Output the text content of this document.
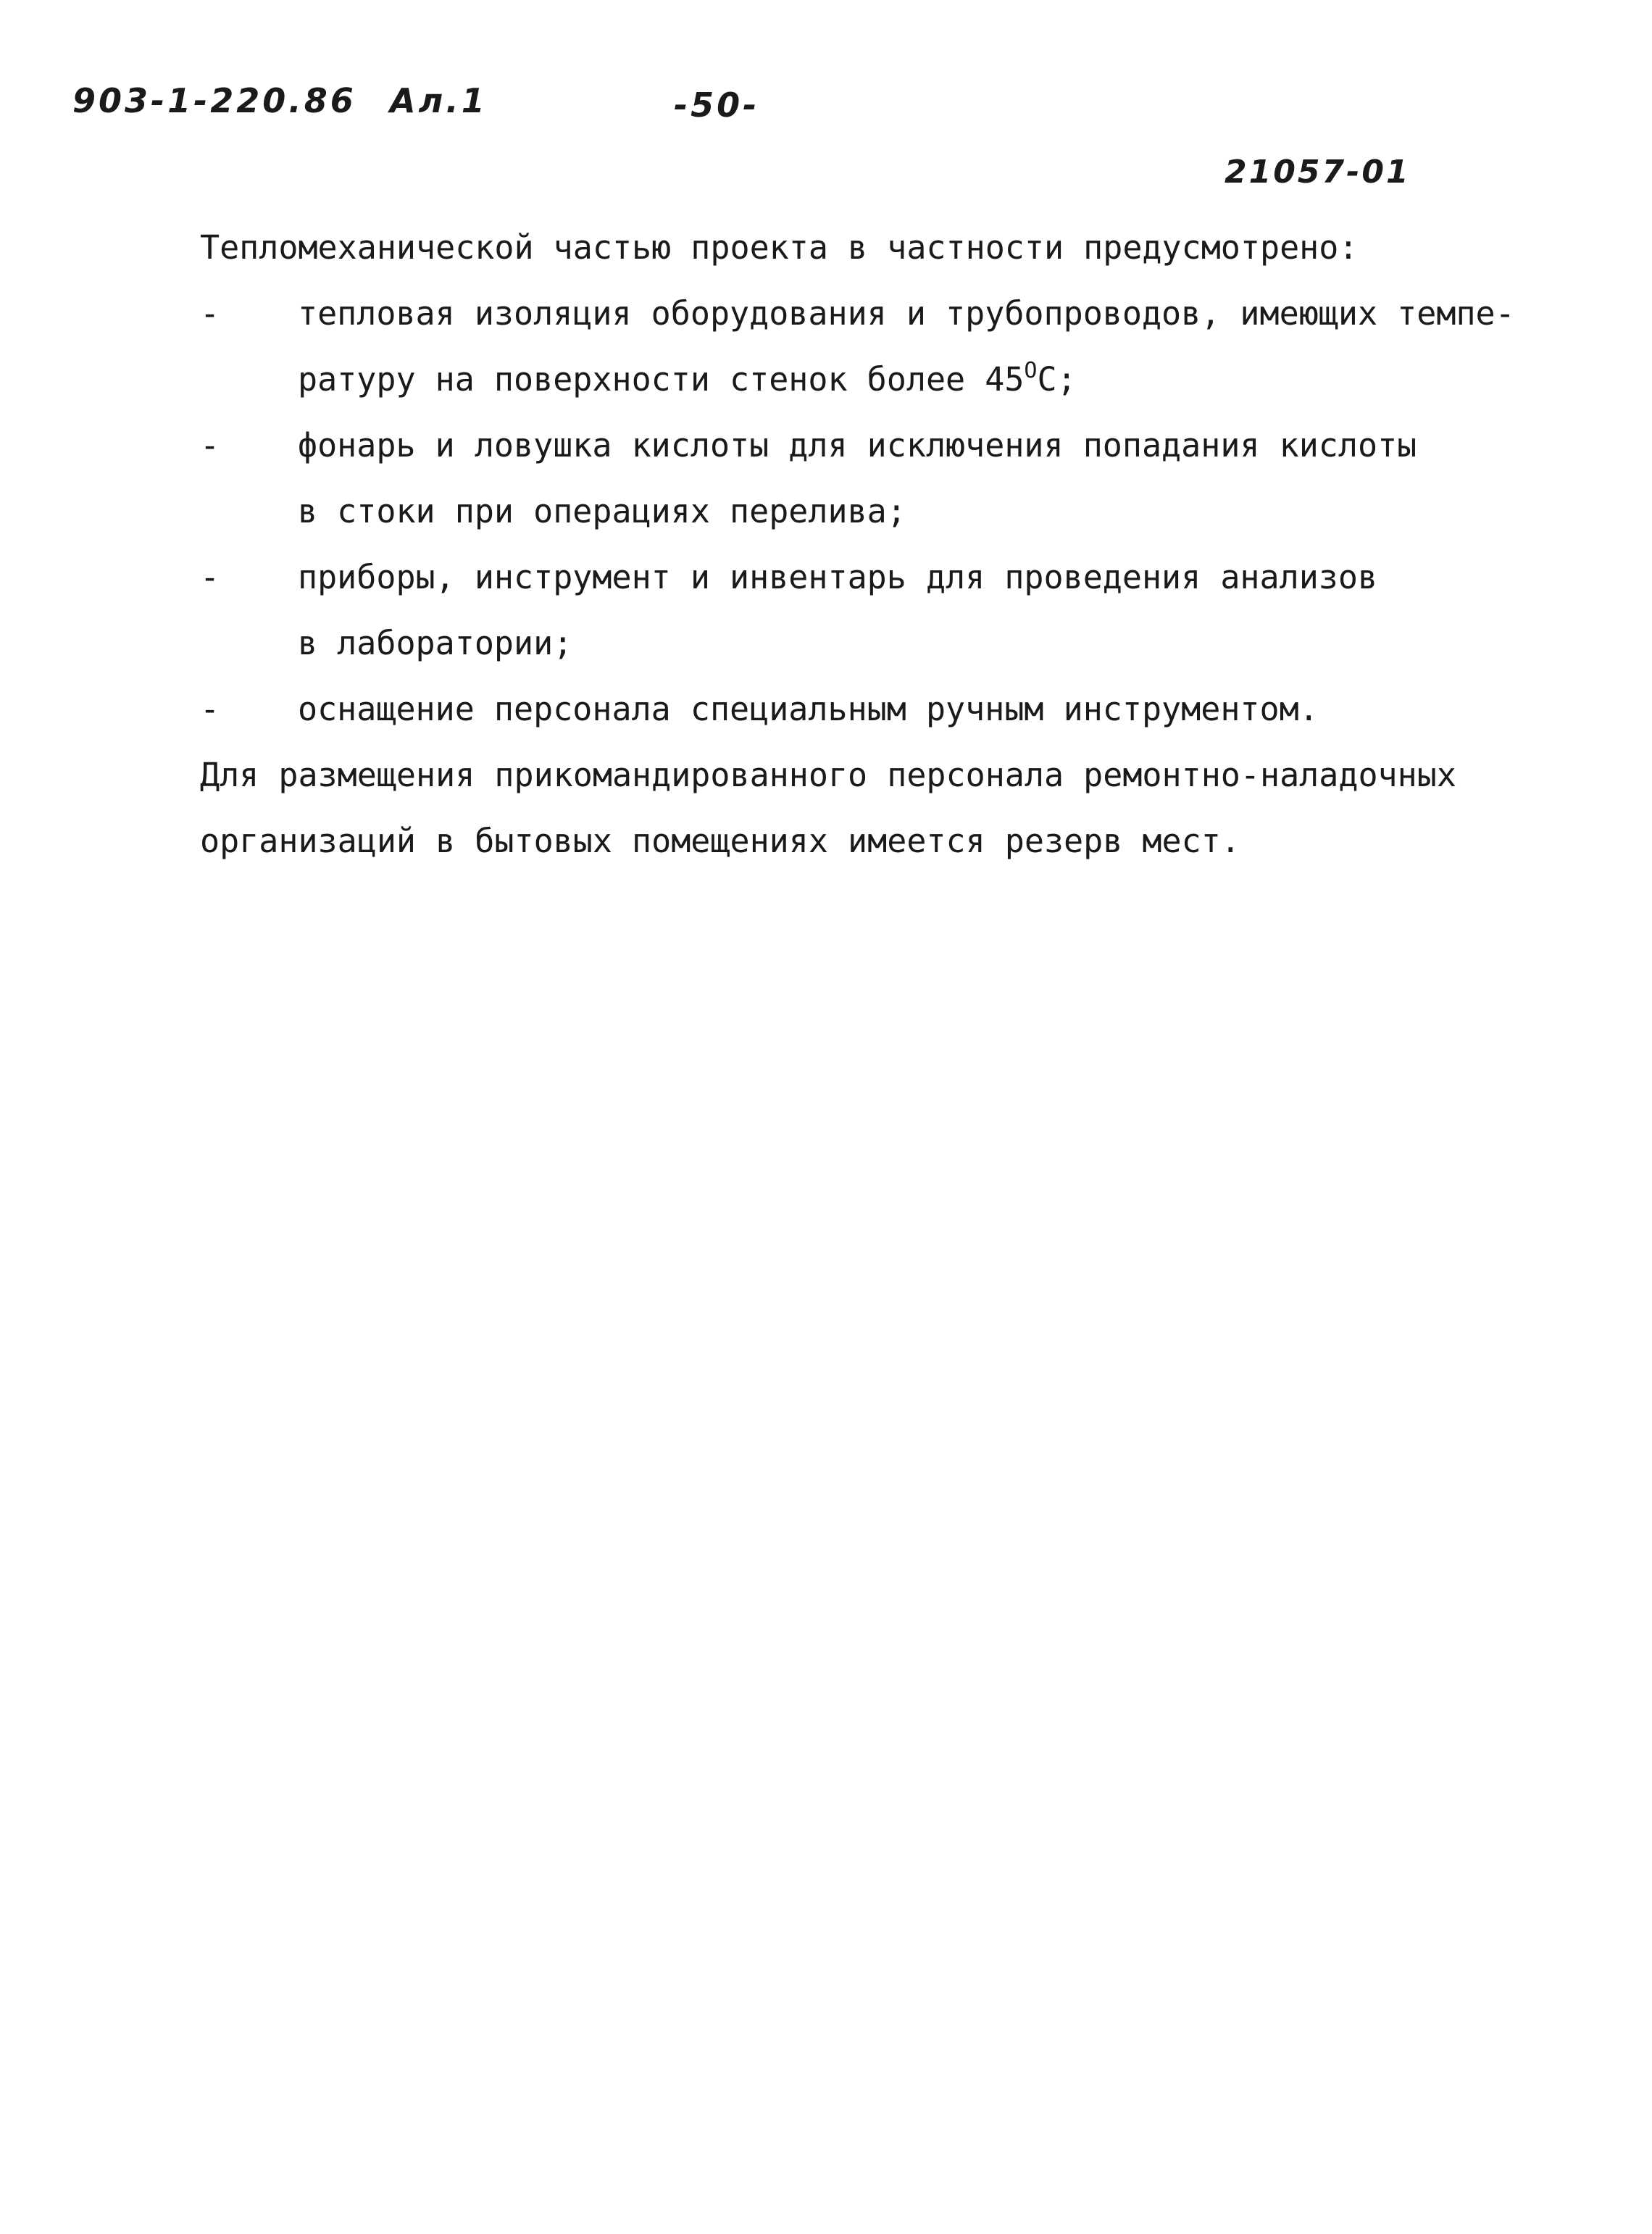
903-1-220.86 Ал.1	-50-
21057-01
Тепломеханической частью проекта в частности предусмотрено:
- тепловая изоляция оборудования и трубопроводов, имеющих темпе-
ратуру на поверхности стенок более $45^ОС$;
- фонарь и ловушка кислоты для исключения попадания кислоты
в стоки при операциях перелива;
- приборы, инструмент и инвентарь для проведения анализов
в лаборатории;
- оснащение персонала специальным ручным инструментом.
Для размещения прикомандированного персонала ремонтно-наладочных
организаций в бытовых помещениях имеется резерв мест.
